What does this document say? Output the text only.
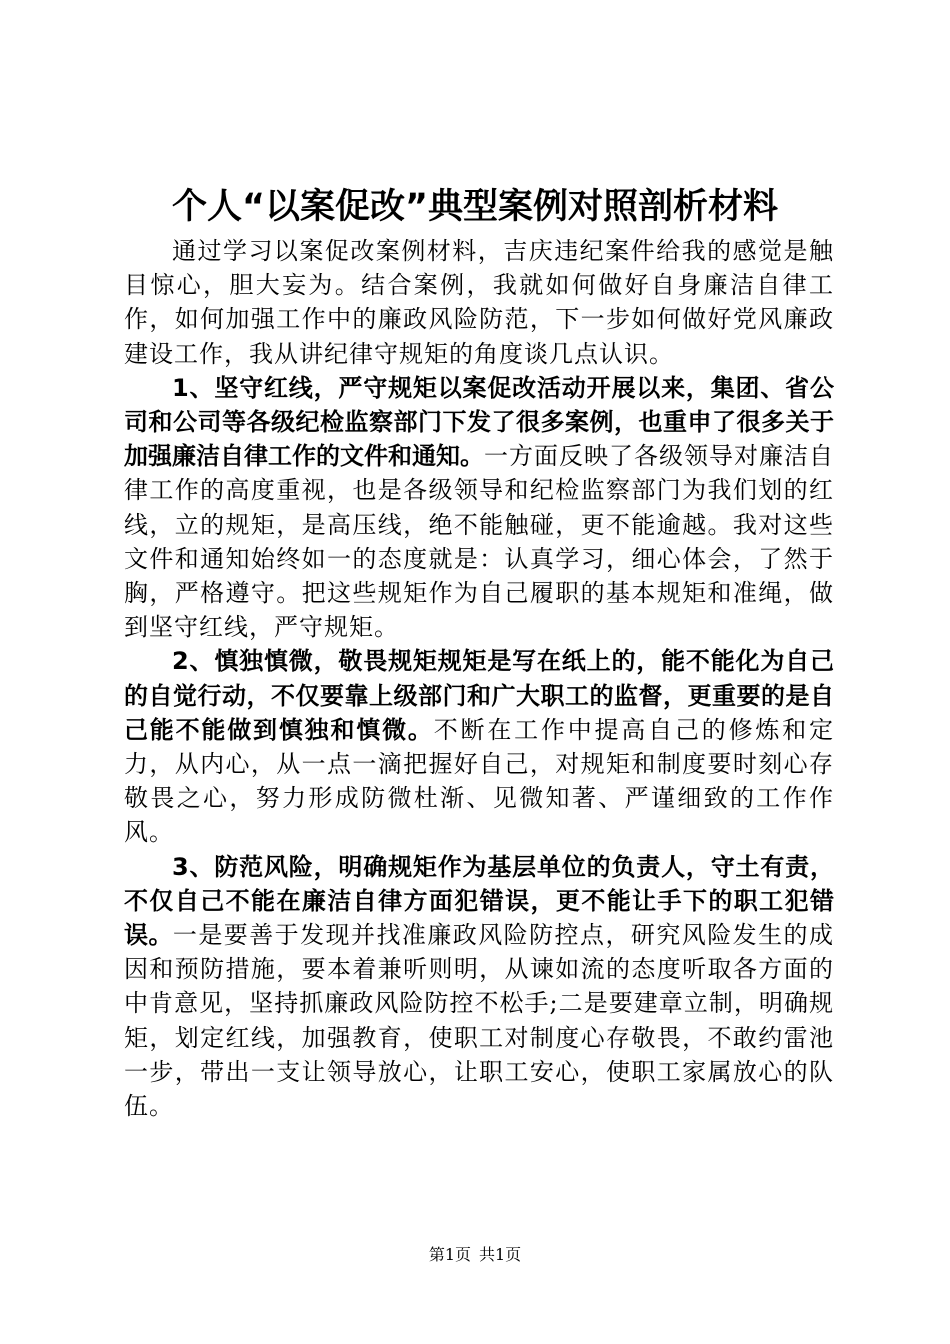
个人“以案促改”典型案例对照剖析材料

通过学习以案促改案例材料，吉庆违纪案件给我的感觉是触目惊心，胆大妄为。结合案例，我就如何做好自身廉洁自律工作，如何加强工作中的廉政风险防范，下一步如何做好党风廉政建设工作，我从讲纪律守规矩的角度谈几点认识。

1、坚守红线，严守规矩以案促改活动开展以来，集团、省公司和公司等各级纪检监察部门下发了很多案例，也重申了很多关于加强廉洁自律工作的文件和通知。一方面反映了各级领导对廉洁自律工作的高度重视，也是各级领导和纪检监察部门为我们划的红线，立的规矩，是高压线，绝不能触碰，更不能逾越。我对这些文件和通知始终如一的态度就是：认真学习，细心体会，了然于胸，严格遵守。把这些规矩作为自己履职的基本规矩和准绳，做到坚守红线，严守规矩。

2、慎独慎微，敬畏规矩规矩是写在纸上的，能不能化为自己的自觉行动，不仅要靠上级部门和广大职工的监督，更重要的是自己能不能做到慎独和慎微。不断在工作中提高自己的修炼和定力，从内心，从一点一滴把握好自己，对规矩和制度要时刻心存敬畏之心，努力形成防微杜渐、见微知著、严谨细致的工作作风。

3、防范风险，明确规矩作为基层单位的负责人，守土有责，不仅自己不能在廉洁自律方面犯错误，更不能让手下的职工犯错误。一是要善于发现并找准廉政风险防控点，研究风险发生的成因和预防措施，要本着兼听则明，从谏如流的态度听取各方面的中肯意见，坚持抓廉政风险防控不松手;二是要建章立制，明确规矩，划定红线，加强教育，使职工对制度心存敬畏，不敢约雷池一步，带出一支让领导放心，让职工安心，使职工家属放心的队伍。

第1页 共1页
